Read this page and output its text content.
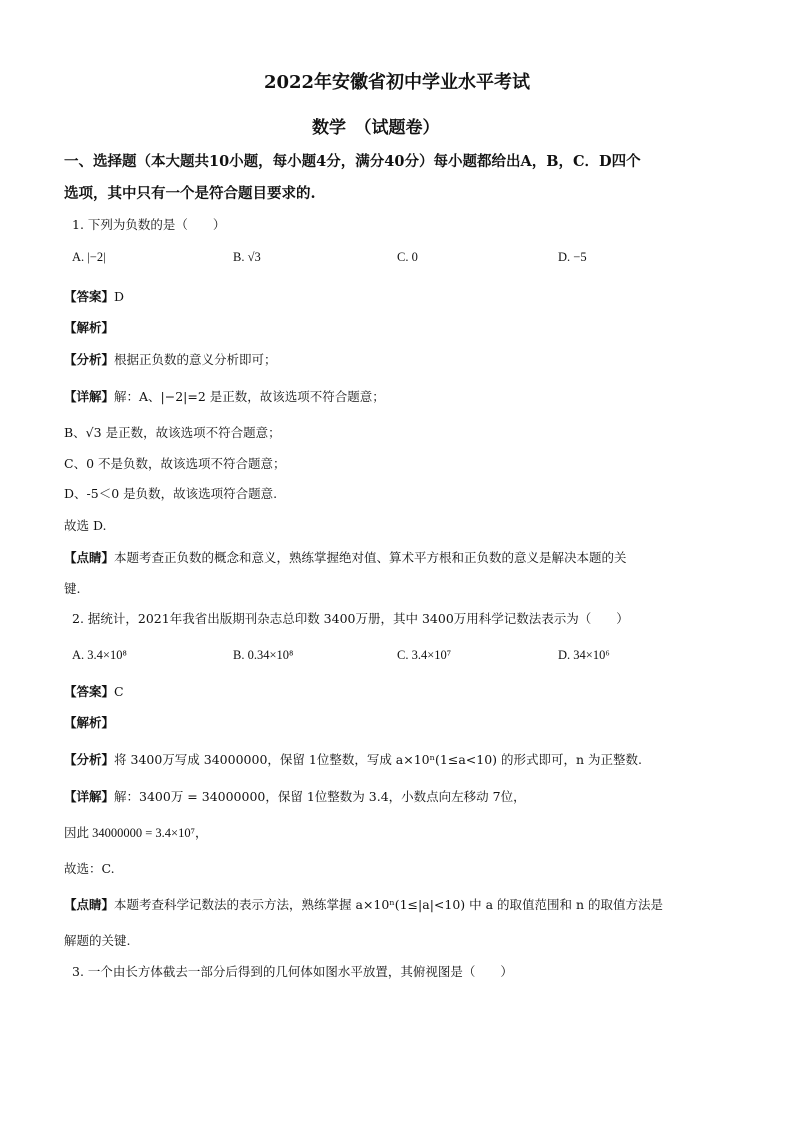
2022年安徽省初中学业水平考试
数学　（试题卷）
一、选择题（本大题共10小题，每小题4分，满分40分）每小题都给出A，B，C．D四个
选项，其中只有一个是符合题目要求的.
1. 下列为负数的是（　　）
A. |−2|	B. √3	C. 0	D. −5
【答案】D
【解析】
【分析】根据正负数的意义分析即可；
【详解】解：A、|−2|=2 是正数，故该选项不符合题意；
B、√3 是正数，故该选项不符合题意；
C、0 不是负数，故该选项不符合题意；
D、-5＜0 是负数，故该选项符合题意.
故选 D.
【点睛】本题考查正负数的概念和意义，熟练掌握绝对值、算术平方根和正负数的意义是解决本题的关
键.
2. 据统计，2021年我省出版期刊杂志总印数 3400万册，其中 3400万用科学记数法表示为（　　）
A. 3.4×10⁸	B. 0.34×10⁸	C. 3.4×10⁷	D. 34×10⁶
【答案】C
【解析】
【分析】将 3400万写成 34000000，保留 1位整数，写成 a×10ⁿ(1≤a<10) 的形式即可，n 为正整数.
【详解】解：3400万 = 34000000，保留 1位整数为 3.4，小数点向左移动 7位，
因此 34000000 = 3.4×10⁷，
故选：C.
【点睛】本题考查科学记数法的表示方法，熟练掌握 a×10ⁿ(1≤|a|<10) 中 a 的取值范围和 n 的取值方法是
解题的关键.
3. 一个由长方体截去一部分后得到的几何体如图水平放置，其俯视图是（　　）
